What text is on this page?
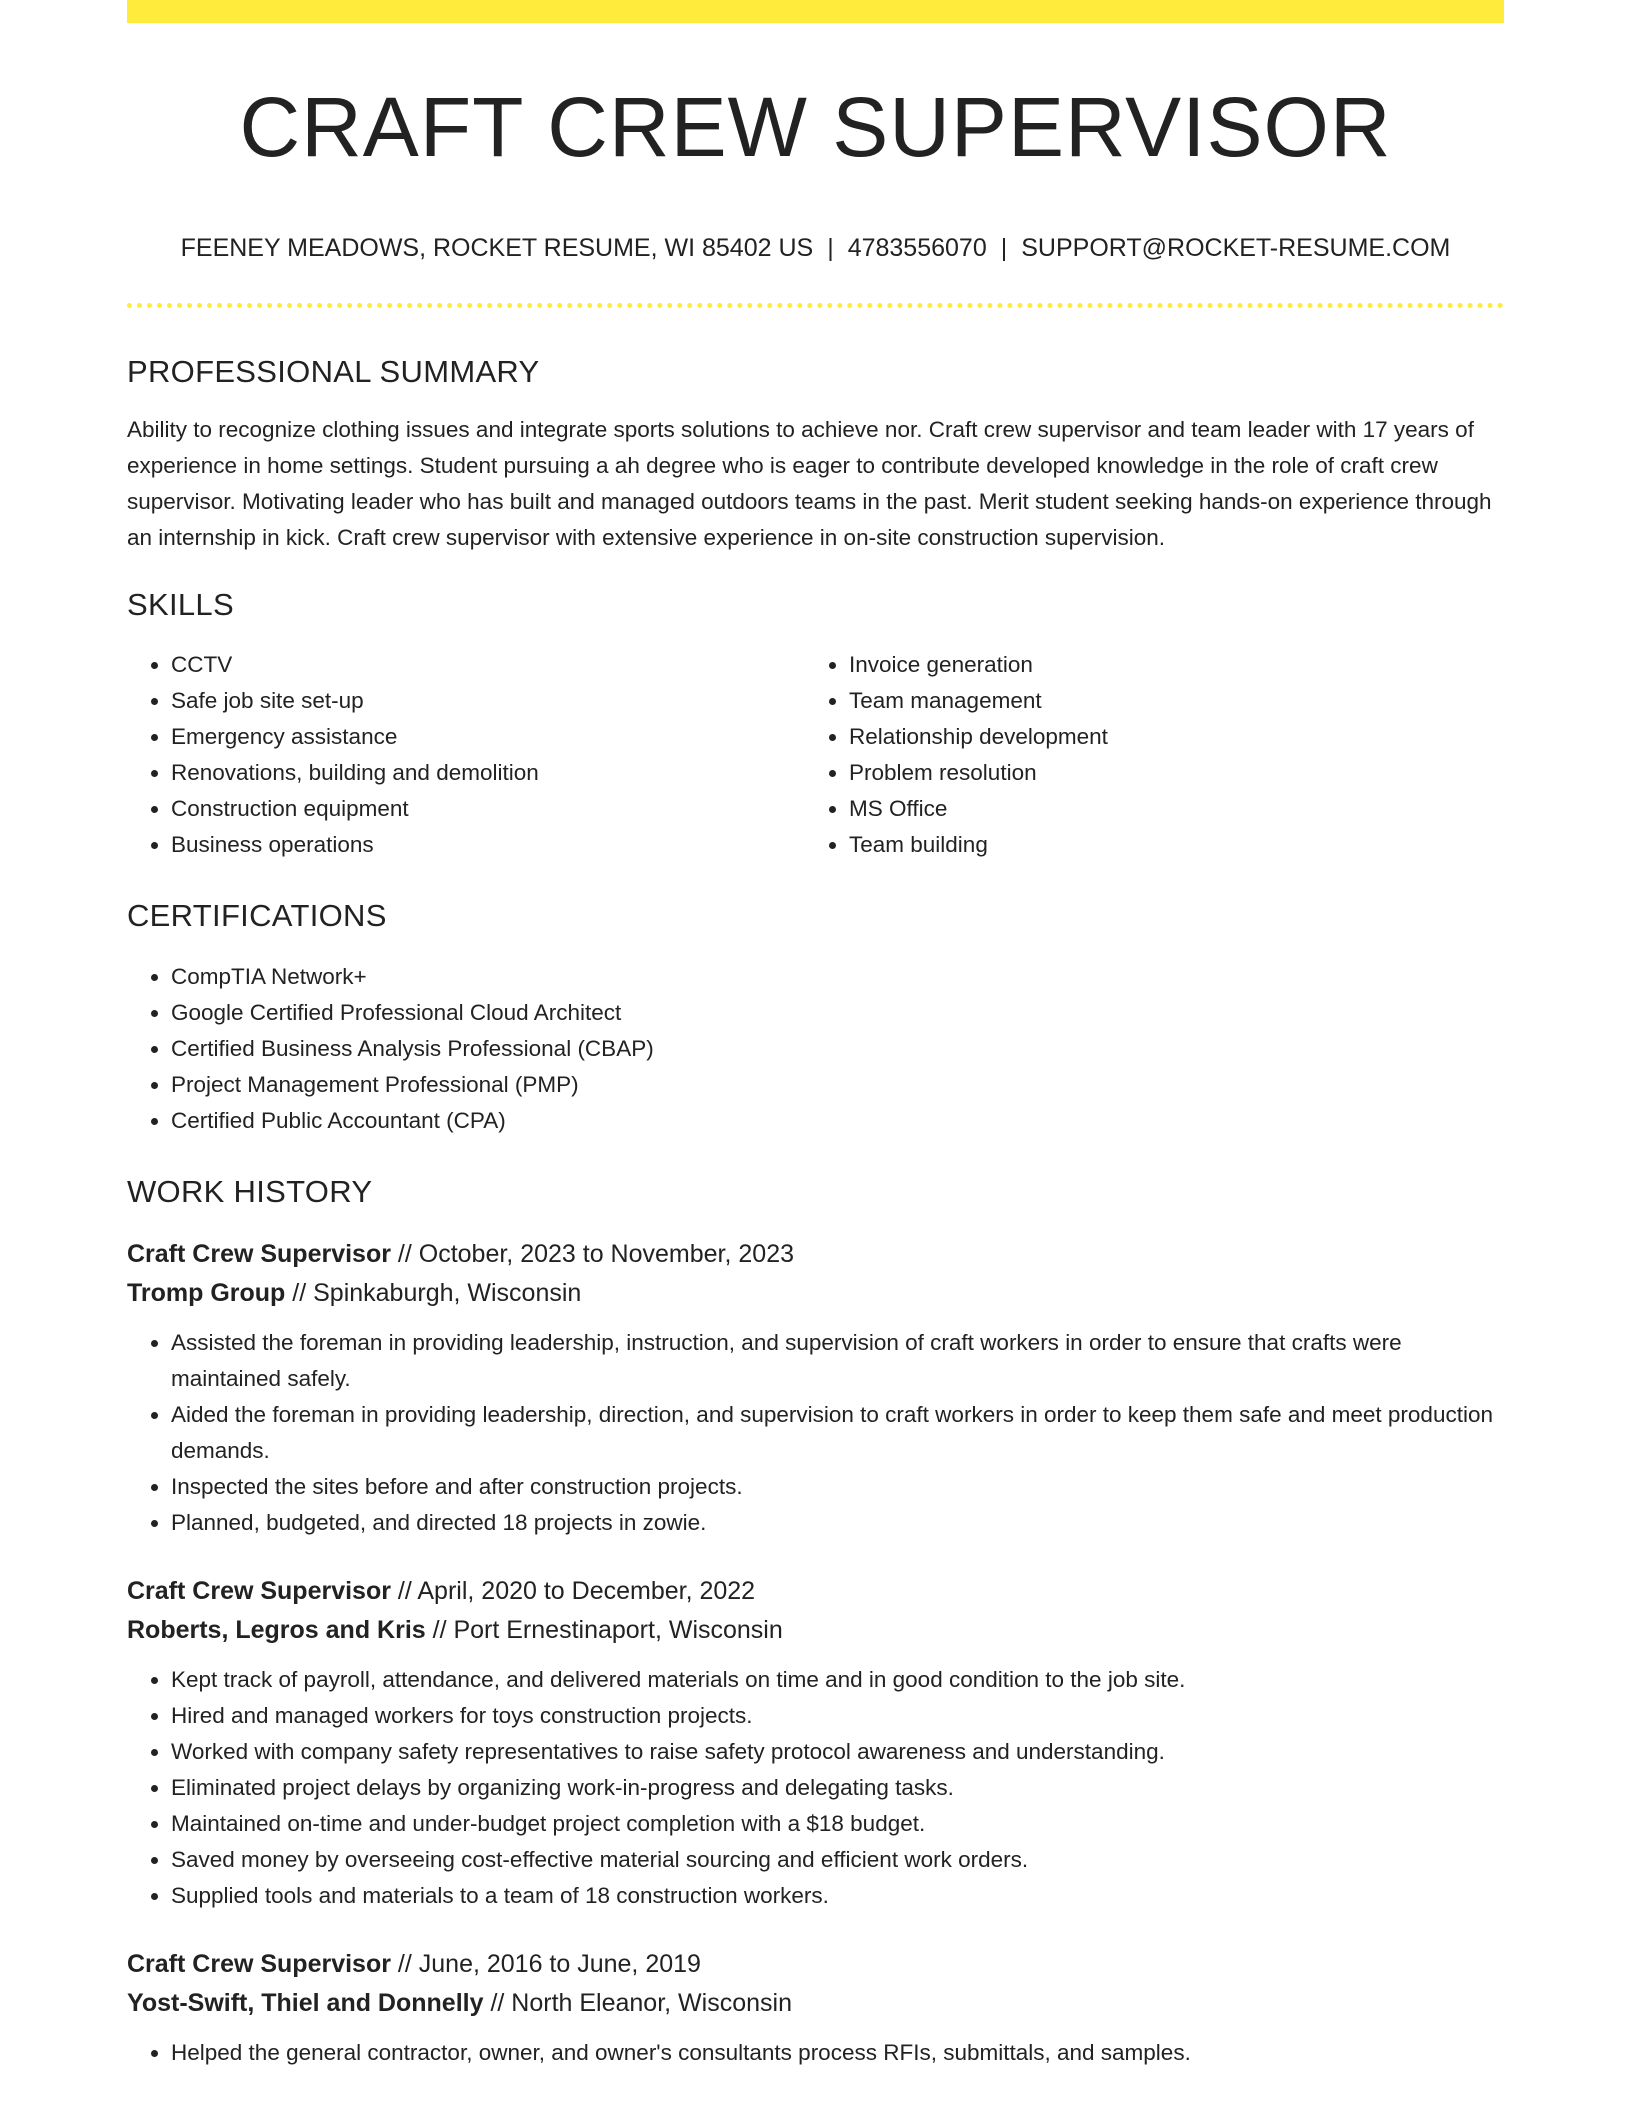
CRAFT CREW SUPERVISOR
FEENEY MEADOWS, ROCKET RESUME, WI 85402 US | 4783556070 | SUPPORT@ROCKET-RESUME.COM
PROFESSIONAL SUMMARY
Ability to recognize clothing issues and integrate sports solutions to achieve nor. Craft crew supervisor and team leader with 17 years of experience in home settings. Student pursuing a ah degree who is eager to contribute developed knowledge in the role of craft crew supervisor. Motivating leader who has built and managed outdoors teams in the past. Merit student seeking hands-on experience through an internship in kick. Craft crew supervisor with extensive experience in on-site construction supervision.
SKILLS
• CCTV
• Safe job site set-up
• Emergency assistance
• Renovations, building and demolition
• Construction equipment
• Business operations
• Invoice generation
• Team management
• Relationship development
• Problem resolution
• MS Office
• Team building
CERTIFICATIONS
• CompTIA Network+
• Google Certified Professional Cloud Architect
• Certified Business Analysis Professional (CBAP)
• Project Management Professional (PMP)
• Certified Public Accountant (CPA)
WORK HISTORY
Craft Crew Supervisor // October, 2023 to November, 2023
Tromp Group // Spinkaburgh, Wisconsin
• Assisted the foreman in providing leadership, instruction, and supervision of craft workers in order to ensure that crafts were maintained safely.
• Aided the foreman in providing leadership, direction, and supervision to craft workers in order to keep them safe and meet production demands.
• Inspected the sites before and after construction projects.
• Planned, budgeted, and directed 18 projects in zowie.
Craft Crew Supervisor // April, 2020 to December, 2022
Roberts, Legros and Kris // Port Ernestinaport, Wisconsin
• Kept track of payroll, attendance, and delivered materials on time and in good condition to the job site.
• Hired and managed workers for toys construction projects.
• Worked with company safety representatives to raise safety protocol awareness and understanding.
• Eliminated project delays by organizing work-in-progress and delegating tasks.
• Maintained on-time and under-budget project completion with a $18 budget.
• Saved money by overseeing cost-effective material sourcing and efficient work orders.
• Supplied tools and materials to a team of 18 construction workers.
Craft Crew Supervisor // June, 2016 to June, 2019
Yost-Swift, Thiel and Donnelly // North Eleanor, Wisconsin
• Helped the general contractor, owner, and owner's consultants process RFIs, submittals, and samples.
